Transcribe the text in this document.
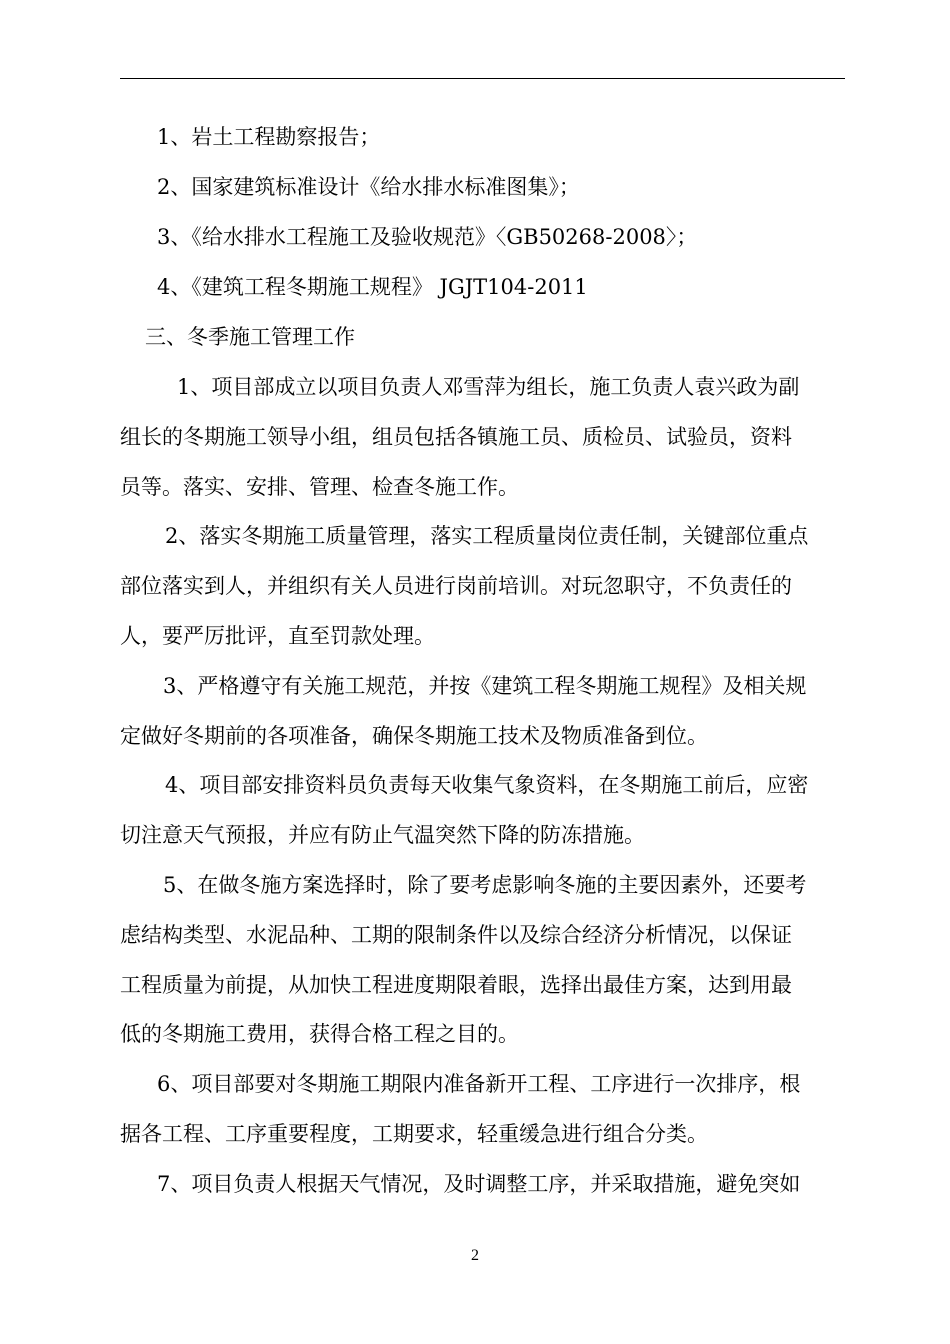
1、岩土工程勘察报告；
2、国家建筑标准设计《给水排水标准图集》；
3、《给水排水工程施工及验收规范》〈GB50268-2008〉；
4、《建筑工程冬期施工规程》 JGJT104-2011
三、冬季施工管理工作
1、项目部成立以项目负责人邓雪萍为组长，施工负责人袁兴政为副
组长的冬期施工领导小组，组员包括各镇施工员、质检员、试验员，资料
员等。落实、安排、管理、检查冬施工作。
2、落实冬期施工质量管理，落实工程质量岗位责任制，关键部位重点
部位落实到人，并组织有关人员进行岗前培训。对玩忽职守，不负责任的
人，要严厉批评，直至罚款处理。
3、严格遵守有关施工规范，并按《建筑工程冬期施工规程》及相关规
定做好冬期前的各项准备，确保冬期施工技术及物质准备到位。
4、项目部安排资料员负责每天收集气象资料，在冬期施工前后，应密
切注意天气预报，并应有防止气温突然下降的防冻措施。
5、在做冬施方案选择时，除了要考虑影响冬施的主要因素外，还要考
虑结构类型、水泥品种、工期的限制条件以及综合经济分析情况，以保证
工程质量为前提，从加快工程进度期限着眼，选择出最佳方案，达到用最
低的冬期施工费用，获得合格工程之目的。
6、项目部要对冬期施工期限内准备新开工程、工序进行一次排序，根
据各工程、工序重要程度，工期要求，轻重缓急进行组合分类。
7、项目负责人根据天气情况，及时调整工序，并采取措施，避免突如
2
